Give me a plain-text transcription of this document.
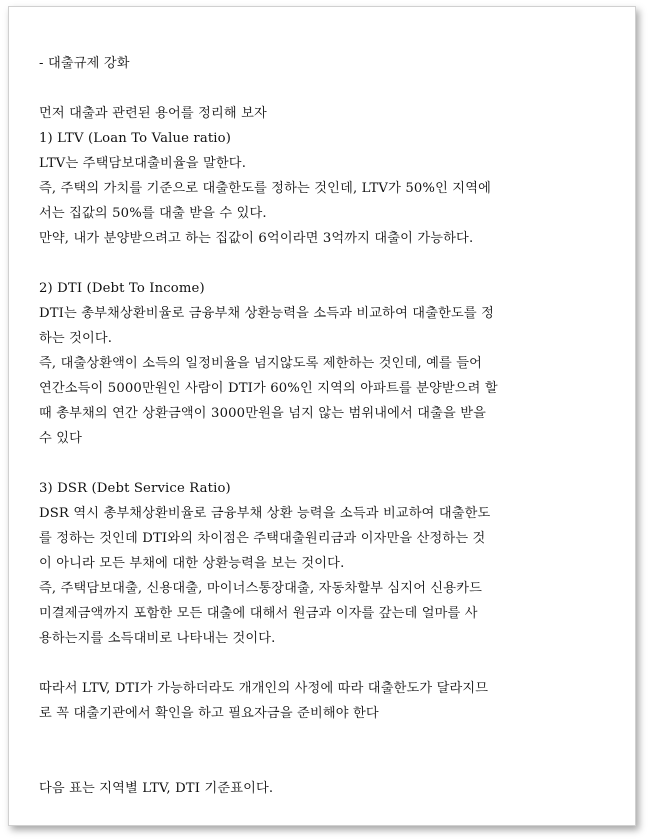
- 대출규제 강화

먼저 대출과 관련된 용어를 정리해 보자

1) LTV (Loan To Value ratio)

LTV는 주택담보대출비율을 말한다.

즉, 주택의 가치를 기준으로 대출한도를 정하는 것인데, LTV가 50%인 지역에

서는 집값의 50%를 대출 받을 수 있다.

만약, 내가 분양받으려고 하는 집값이 6억이라면 3억까지 대출이 가능하다.

2) DTI (Debt To Income)

DTI는 총부채상환비율로 금융부채 상환능력을 소득과 비교하여 대출한도를 정

하는 것이다.

즉, 대출상환액이 소득의 일정비율을 넘지않도록 제한하는 것인데, 예를 들어

연간소득이 5000만원인 사람이 DTI가 60%인 지역의 아파트를 분양받으려 할

때 총부채의 연간 상환금액이 3000만원을 넘지 않는 범위내에서 대출을 받을

수 있다

3) DSR (Debt Service Ratio)

DSR 역시 총부채상환비율로 금융부채 상환 능력을 소득과 비교하여 대출한도

를 정하는 것인데 DTI와의 차이점은 주택대출원리금과 이자만을 산정하는 것

이 아니라 모든 부채에 대한 상환능력을 보는 것이다.

즉, 주택담보대출, 신용대출, 마이너스통장대출, 자동차할부 심지어 신용카드

미결제금액까지 포함한 모든 대출에 대해서 원금과 이자를 갚는데 얼마를 사

용하는지를 소득대비로 나타내는 것이다.

따라서 LTV, DTI가 가능하더라도 개개인의 사정에 따라 대출한도가 달라지므

로 꼭 대출기관에서 확인을 하고 필요자금을 준비해야 한다

다음 표는 지역별 LTV, DTI 기준표이다.
